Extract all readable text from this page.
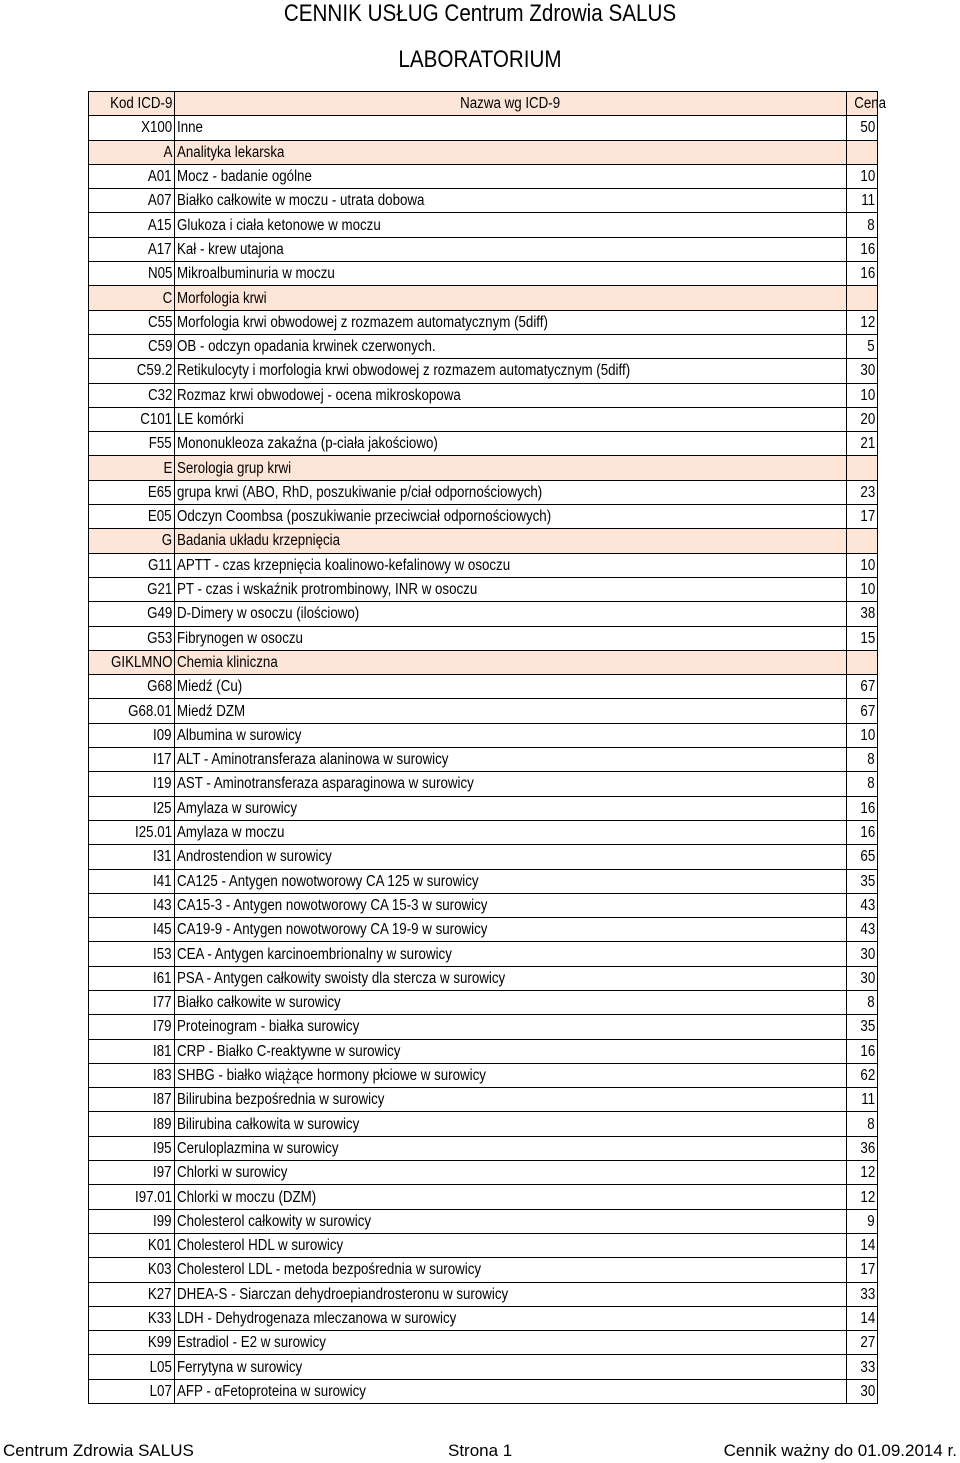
CENNIK USŁUG Centrum Zdrowia SALUS
LABORATORIUM
Kod ICD-9	Nazwa wg ICD-9	Cena
X100	Inne	50
A	Analityka lekarska	
A01	Mocz - badanie ogólne	10
A07	Białko całkowite w moczu - utrata dobowa	11
A15	Glukoza i ciała ketonowe w moczu	8
A17	Kał - krew utajona	16
N05	Mikroalbuminuria w moczu	16
C	Morfologia krwi	
C55	Morfologia krwi obwodowej z rozmazem automatycznym (5diff)	12
C59	OB - odczyn opadania krwinek czerwonych.	5
C59.2	Retikulocyty i morfologia krwi obwodowej z rozmazem automatycznym (5diff)	30
C32	Rozmaz krwi obwodowej - ocena mikroskopowa	10
C101	LE komórki	20
F55	Mononukleoza zakaźna (p-ciała jakościowo)	21
E	Serologia grup krwi	
E65	grupa krwi (ABO, RhD, poszukiwanie p/ciał odpornościowych)	23
E05	Odczyn Coombsa (poszukiwanie przeciwciał odpornościowych)	17
G	Badania układu krzepnięcia	
G11	APTT - czas krzepnięcia koalinowo-kefalinowy w osoczu	10
G21	PT - czas i wskaźnik protrombinowy, INR w osoczu	10
G49	D-Dimery w osoczu (ilościowo)	38
G53	Fibrynogen w osoczu	15
GIKLMNO	Chemia kliniczna	
G68	Miedź (Cu)	67
G68.01	Miedź DZM	67
I09	Albumina w surowicy	10
I17	ALT - Aminotransferaza alaninowa w surowicy	8
I19	AST - Aminotransferaza asparaginowa w surowicy	8
I25	Amylaza w surowicy	16
I25.01	Amylaza w moczu	16
I31	Androstendion w surowicy	65
I41	CA125 - Antygen nowotworowy CA 125 w surowicy	35
I43	CA15-3 - Antygen nowotworowy CA 15-3 w surowicy	43
I45	CA19-9 - Antygen nowotworowy CA 19-9 w surowicy	43
I53	CEA - Antygen karcinoembrionalny w surowicy	30
I61	PSA - Antygen całkowity swoisty dla stercza w surowicy	30
I77	Białko całkowite w surowicy	8
I79	Proteinogram - białka surowicy	35
I81	CRP - Białko C-reaktywne w surowicy	16
I83	SHBG - białko wiążące hormony płciowe w surowicy	62
I87	Bilirubina bezpośrednia w surowicy	11
I89	Bilirubina całkowita w surowicy	8
I95	Ceruloplazmina w surowicy	36
I97	Chlorki w surowicy	12
I97.01	Chlorki w moczu (DZM)	12
I99	Cholesterol całkowity w surowicy	9
K01	Cholesterol HDL w surowicy	14
K03	Cholesterol LDL - metoda bezpośrednia w surowicy	17
K27	DHEA-S - Siarczan dehydroepiandrosteronu w surowicy	33
K33	LDH - Dehydrogenaza mleczanowa w surowicy	14
K99	Estradiol - E2 w surowicy	27
L05	Ferrytyna w surowicy	33
L07	AFP - αFetoproteina w surowicy	30
Centrum Zdrowia SALUS	Strona 1	Cennik ważny do 01.09.2014 r.
